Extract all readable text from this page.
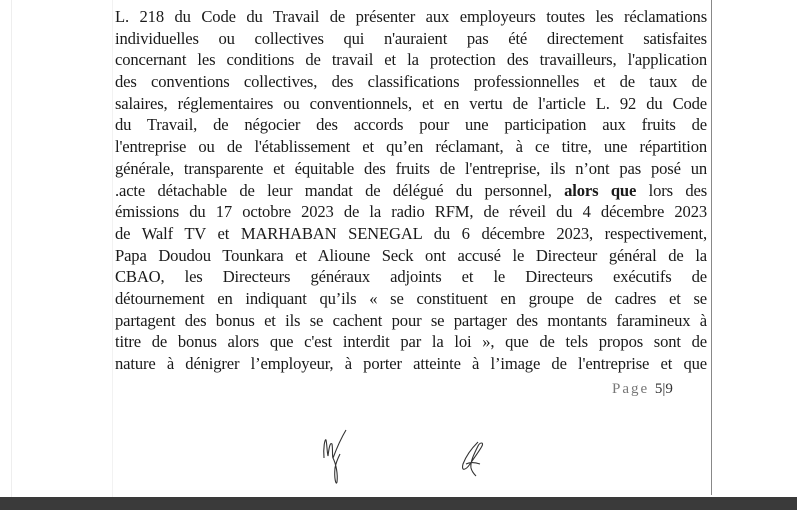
L. 218 du Code du Travail de présenter aux employeurs toutes les réclamations
individuelles ou collectives qui n'auraient pas été directement satisfaites
concernant les conditions de travail et la protection des travailleurs, l'application
des conventions collectives, des classifications professionnelles et de taux de
salaires, réglementaires ou conventionnels, et en vertu de l'article L. 92 du Code
du Travail, de négocier des accords pour une participation aux fruits de
l'entreprise ou de l'établissement et qu’en réclamant, à ce titre, une répartition
générale, transparente et équitable des fruits de l'entreprise, ils n’ont pas posé un
.acte détachable de leur mandat de délégué du personnel, alors que lors des
émissions du 17 octobre 2023 de la radio RFM, de réveil du 4 décembre 2023
de Walf TV et MARHABAN SENEGAL du 6 décembre 2023, respectivement,
Papa Doudou Tounkara et Alioune Seck ont accusé le Directeur général de la
CBAO, les Directeurs généraux adjoints et le Directeurs exécutifs de
détournement en indiquant qu’ils « se constituent en groupe de cadres et se
partagent des bonus et ils se cachent pour se partager des montants faramineux à
titre de bonus alors que c'est interdit par la loi », que de tels propos sont de
nature à dénigrer l’employeur, à porter atteinte à l’image de l'entreprise et que
Page 5|9
